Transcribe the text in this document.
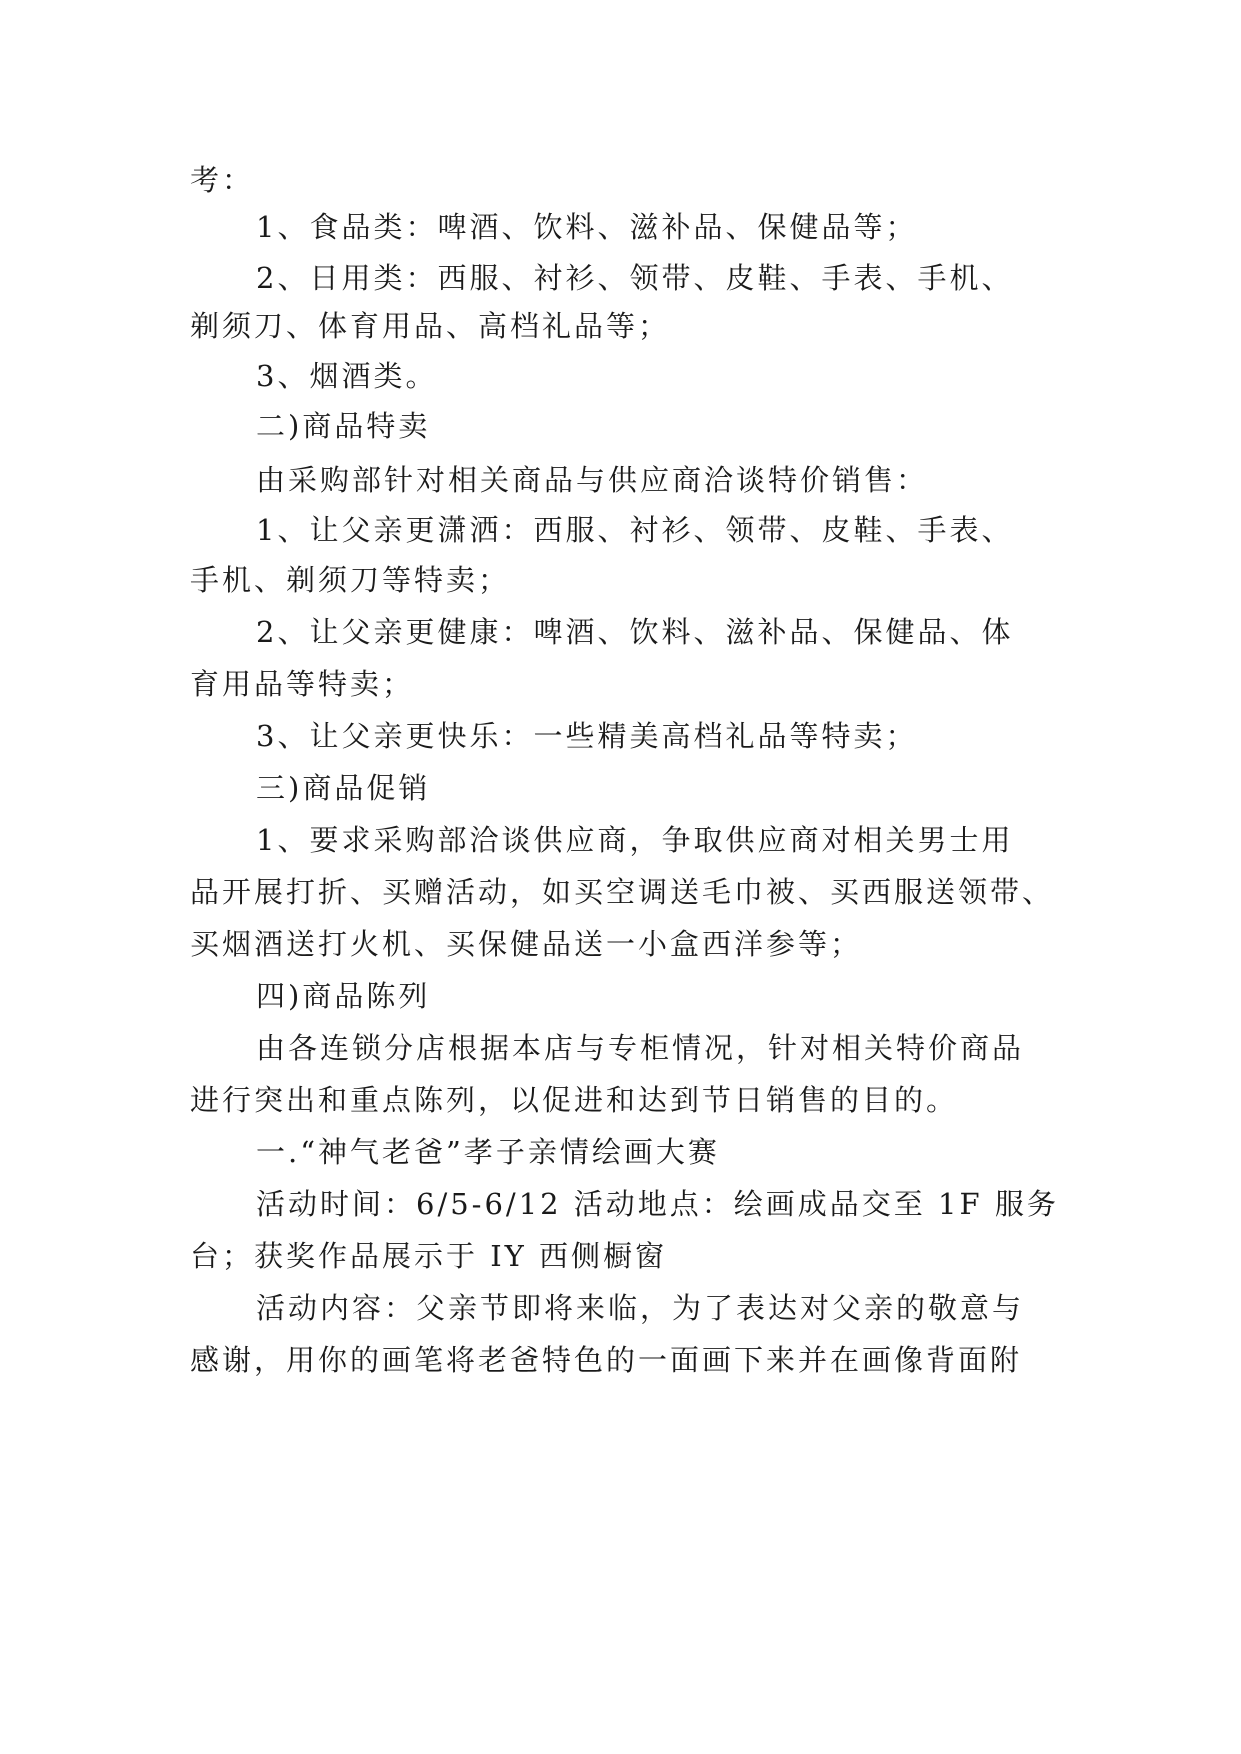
考：
1、食品类：啤酒、饮料、滋补品、保健品等；
2、日用类：西服、衬衫、领带、皮鞋、手表、手机、
剃须刀、体育用品、高档礼品等；
3、烟酒类。
二)商品特卖
由采购部针对相关商品与供应商洽谈特价销售：
1、让父亲更潇洒：西服、衬衫、领带、皮鞋、手表、
手机、剃须刀等特卖；
2、让父亲更健康：啤酒、饮料、滋补品、保健品、体
育用品等特卖；
3、让父亲更快乐：一些精美高档礼品等特卖；
三)商品促销
1、要求采购部洽谈供应商，争取供应商对相关男士用
品开展打折、买赠活动，如买空调送毛巾被、买西服送领带、
买烟酒送打火机、买保健品送一小盒西洋参等；
四)商品陈列
由各连锁分店根据本店与专柜情况，针对相关特价商品
进行突出和重点陈列，以促进和达到节日销售的目的。
一.“神气老爸”孝子亲情绘画大赛
活动时间：6/5-6/12 活动地点：绘画成品交至 1F 服务
台；获奖作品展示于 IY 西侧橱窗
活动内容：父亲节即将来临，为了表达对父亲的敬意与
感谢，用你的画笔将老爸特色的一面画下来并在画像背面附
